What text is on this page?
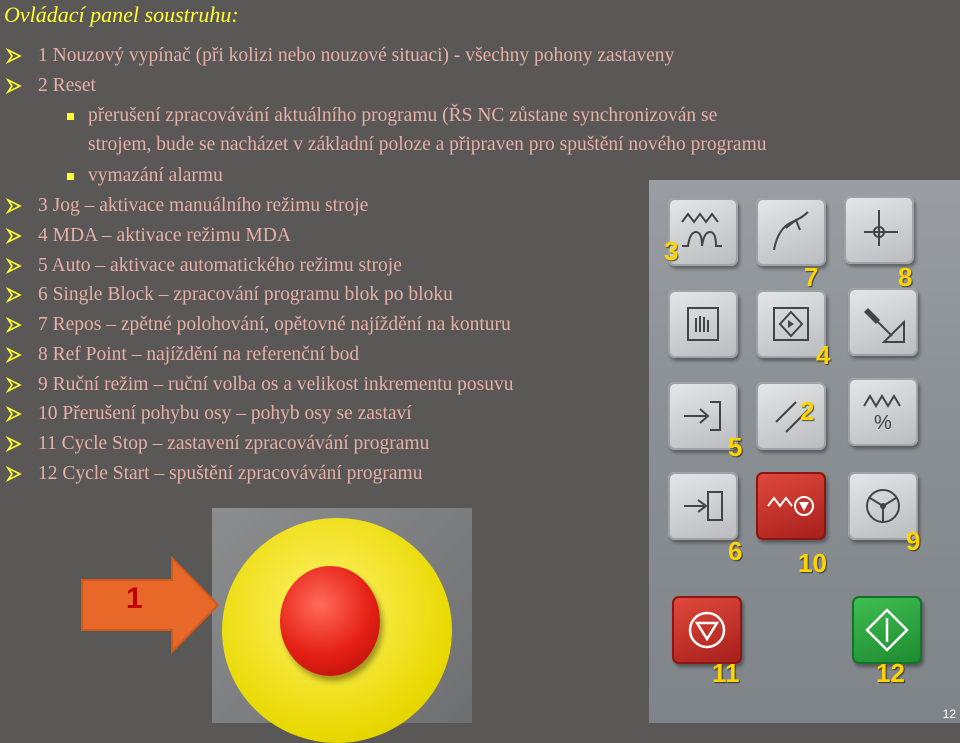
Ovládací panel soustruhu:
1 Nouzový vypínač (při kolizi nebo nouzové situaci) - všechny pohony zastaveny
2 Reset
přerušení zpracovávání aktuálního programu (ŘS NC zůstane synchronizován se
strojem, bude se nacházet v základní poloze a připraven pro spuštění nového programu
vymazání alarmu
3 Jog – aktivace manuálního režimu stroje
4 MDA – aktivace režimu MDA
5 Auto – aktivace automatického režimu stroje
6 Single Block – zpracování programu blok po bloku
7 Repos – zpětné polohování, opětovné najíždění na konturu
8 Ref Point – najíždění na referenční bod
9 Ruční režim – ruční volba os a velikost inkrementu posuvu
10 Přerušení pohybu osy – pohyb osy se zastaví
11 Cycle Stop – zastavení zpracovávání programu
12 Cycle Start – spuštění zpracovávání programu
%
3
7	8
4
2
5
6 10
9
11	12
1
12
